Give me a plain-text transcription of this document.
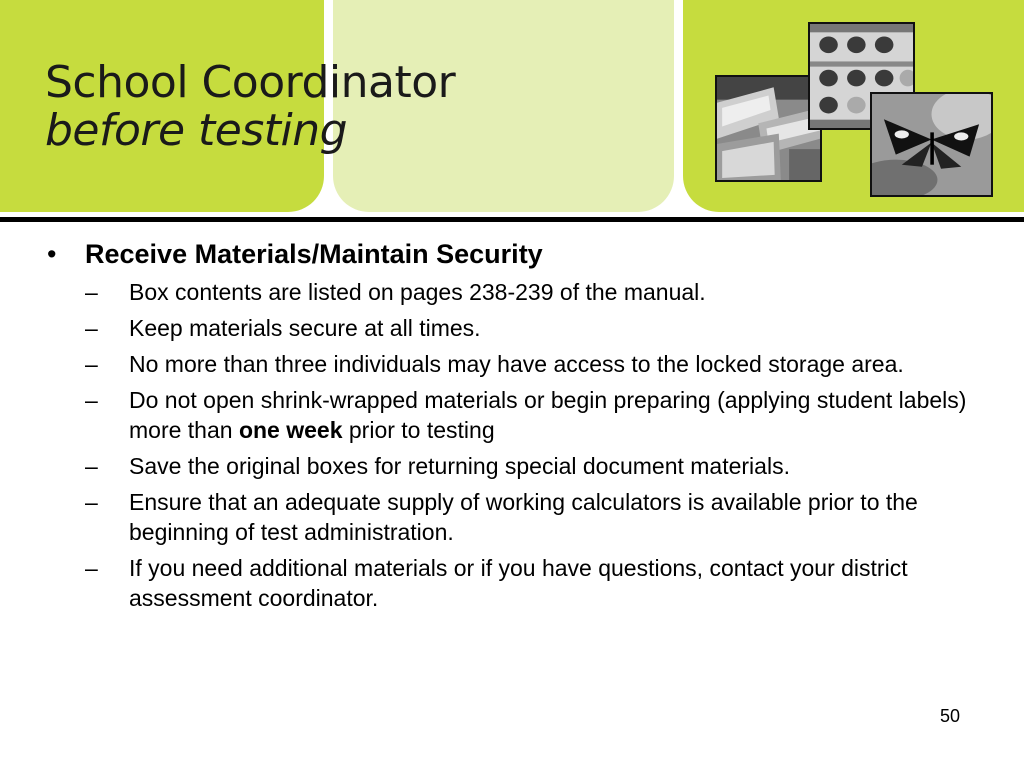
School Coordinator
before testing
•	Receive Materials/Maintain Security
–	Box contents are listed on pages 238-239 of the manual.
–	Keep materials secure at all times.
–	No more than three individuals may have access to the locked storage area.
–	Do not open shrink-wrapped materials or begin preparing (applying student labels) more than one week prior to testing
–	Save the original boxes for returning special document materials.
–	Ensure that an adequate supply of working calculators is available prior to the beginning of test administration.
–	If you need additional materials or if you have questions, contact your district assessment coordinator.
50
